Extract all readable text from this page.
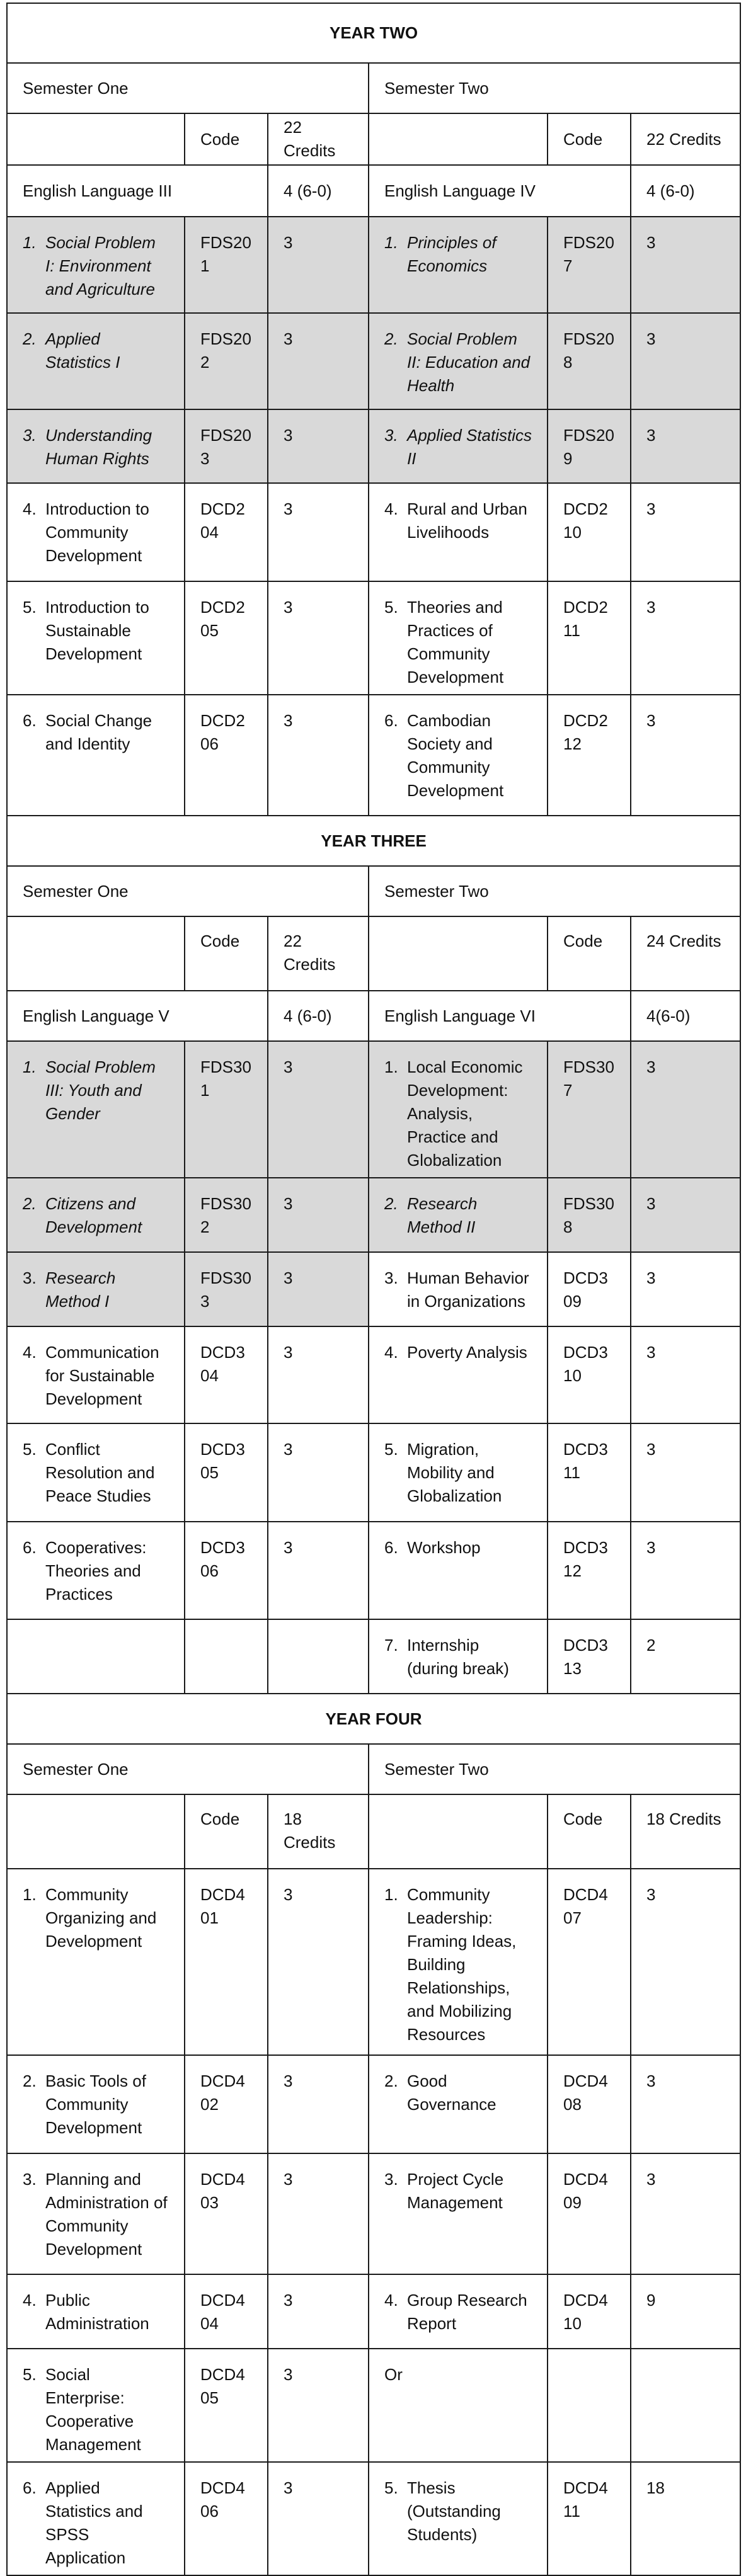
YEAR TWO					
Semester One			Semester Two		
	Code	22 Credits		Code	22 Credits
English Language III		4 (6-0)	English Language IV		4 (6-0)
1. Social Problem I: Environment and Agriculture	FDS201	3	1. Principles of Economics	FDS207	3
2. Applied Statistics I	FDS202	3	2. Social Problem II: Education and Health	FDS208	3
3. Understanding Human Rights	FDS203	3	3. Applied Statistics II	FDS209	3
4. Introduction to Community Development	DCD204	3	4. Rural and Urban Livelihoods	DCD210	3
5. Introduction to Sustainable Development	DCD205	3	5. Theories and Practices of Community Development	DCD211	3
6. Social Change and Identity	DCD206	3	6. Cambodian Society and Community Development	DCD212	3
YEAR THREE					
Semester One			Semester Two		
	Code	22 Credits		Code	24 Credits
English Language V		4 (6-0)	English Language VI		4(6-0)
1. Social Problem III: Youth and Gender	FDS301	3	1. Local Economic Development: Analysis, Practice and Globalization	FDS307	3
2. Citizens and Development	FDS302	3	2. Research Method II	FDS308	3
3. Research Method I	FDS303	3	3. Human Behavior in Organizations	DCD309	3
4. Communication for Sustainable Development	DCD304	3	4. Poverty Analysis	DCD310	3
5. Conflict Resolution and Peace Studies	DCD305	3	5. Migration, Mobility and Globalization	DCD311	3
6. Cooperatives: Theories and Practices	DCD306	3	6. Workshop	DCD312	3
			7. Internship (during break)	DCD313	2
YEAR FOUR					
Semester One			Semester Two		
	Code	18 Credits		Code	18 Credits
1. Community Organizing and Development	DCD401	3	1. Community Leadership: Framing Ideas, Building Relationships, and Mobilizing Resources	DCD407	3
2. Basic Tools of Community Development	DCD402	3	2. Good Governance	DCD408	3
3. Planning and Administration of Community Development	DCD403	3	3. Project Cycle Management	DCD409	3
4. Public Administration	DCD404	3	4. Group Research Report	DCD410	9
5. Social Enterprise: Cooperative Management	DCD405	3	Or		
6. Applied Statistics and SPSS Application	DCD406	3	5. Thesis (Outstanding Students)	DCD411	18
